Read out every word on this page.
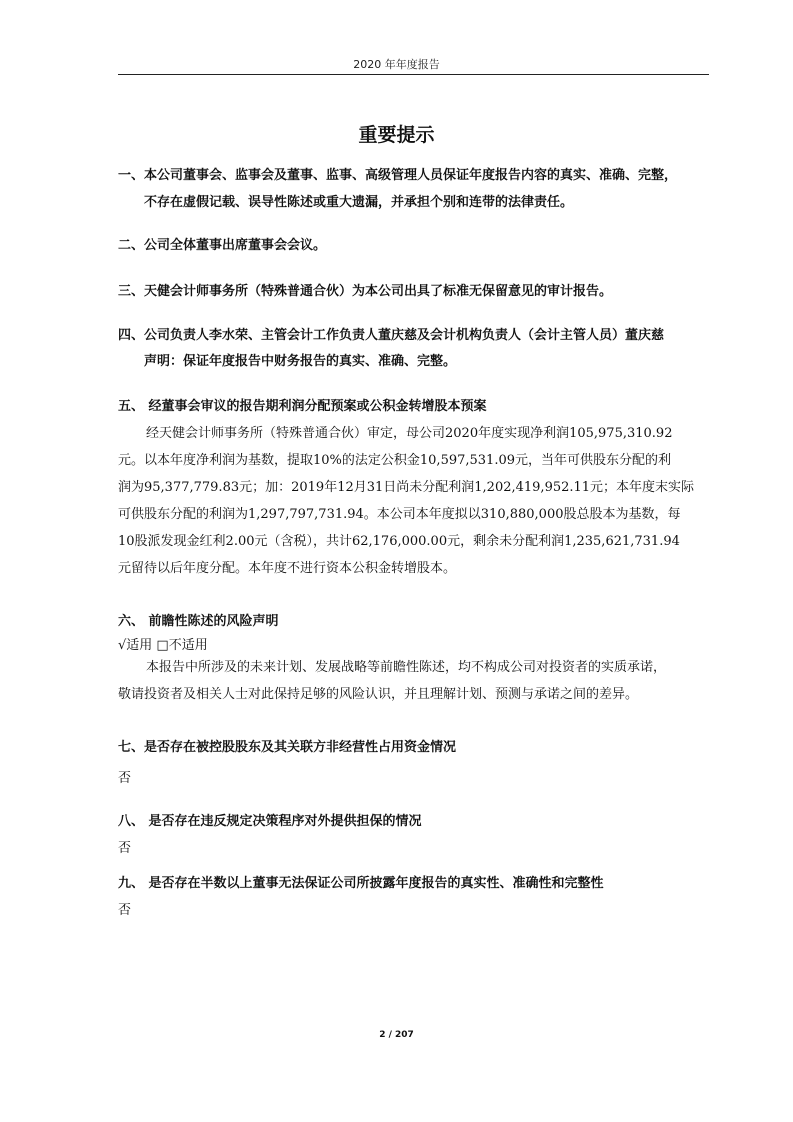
2020 年年度报告
重要提示
一、本公司董事会、监事会及董事、监事、高级管理人员保证年度报告内容的真实、准确、完整，
不存在虚假记载、误导性陈述或重大遗漏，并承担个别和连带的法律责任。
二、公司全体董事出席董事会会议。
三、天健会计师事务所（特殊普通合伙）为本公司出具了标准无保留意见的审计报告。
四、公司负责人李水荣、主管会计工作负责人董庆慈及会计机构负责人（会计主管人员）董庆慈
声明：保证年度报告中财务报告的真实、准确、完整。
五、 经董事会审议的报告期利润分配预案或公积金转增股本预案
经天健会计师事务所（特殊普通合伙）审定，母公司2020年度实现净利润105,975,310.92
元。以本年度净利润为基数，提取10%的法定公积金10,597,531.09元，当年可供股东分配的利
润为95,377,779.83元；加：2019年12月31日尚未分配利润1,202,419,952.11元；本年度末实际
可供股东分配的利润为1,297,797,731.94。本公司本年度拟以310,880,000股总股本为基数，每
10股派发现金红利2.00元（含税），共计62,176,000.00元，剩余未分配利润1,235,621,731.94
元留待以后年度分配。本年度不进行资本公积金转增股本。
六、 前瞻性陈述的风险声明
√适用 □不适用
本报告中所涉及的未来计划、发展战略等前瞻性陈述，均不构成公司对投资者的实质承诺，
敬请投资者及相关人士对此保持足够的风险认识，并且理解计划、预测与承诺之间的差异。
七、是否存在被控股股东及其关联方非经营性占用资金情况
否
八、 是否存在违反规定决策程序对外提供担保的情况
否
九、 是否存在半数以上董事无法保证公司所披露年度报告的真实性、准确性和完整性
否
2 / 207
